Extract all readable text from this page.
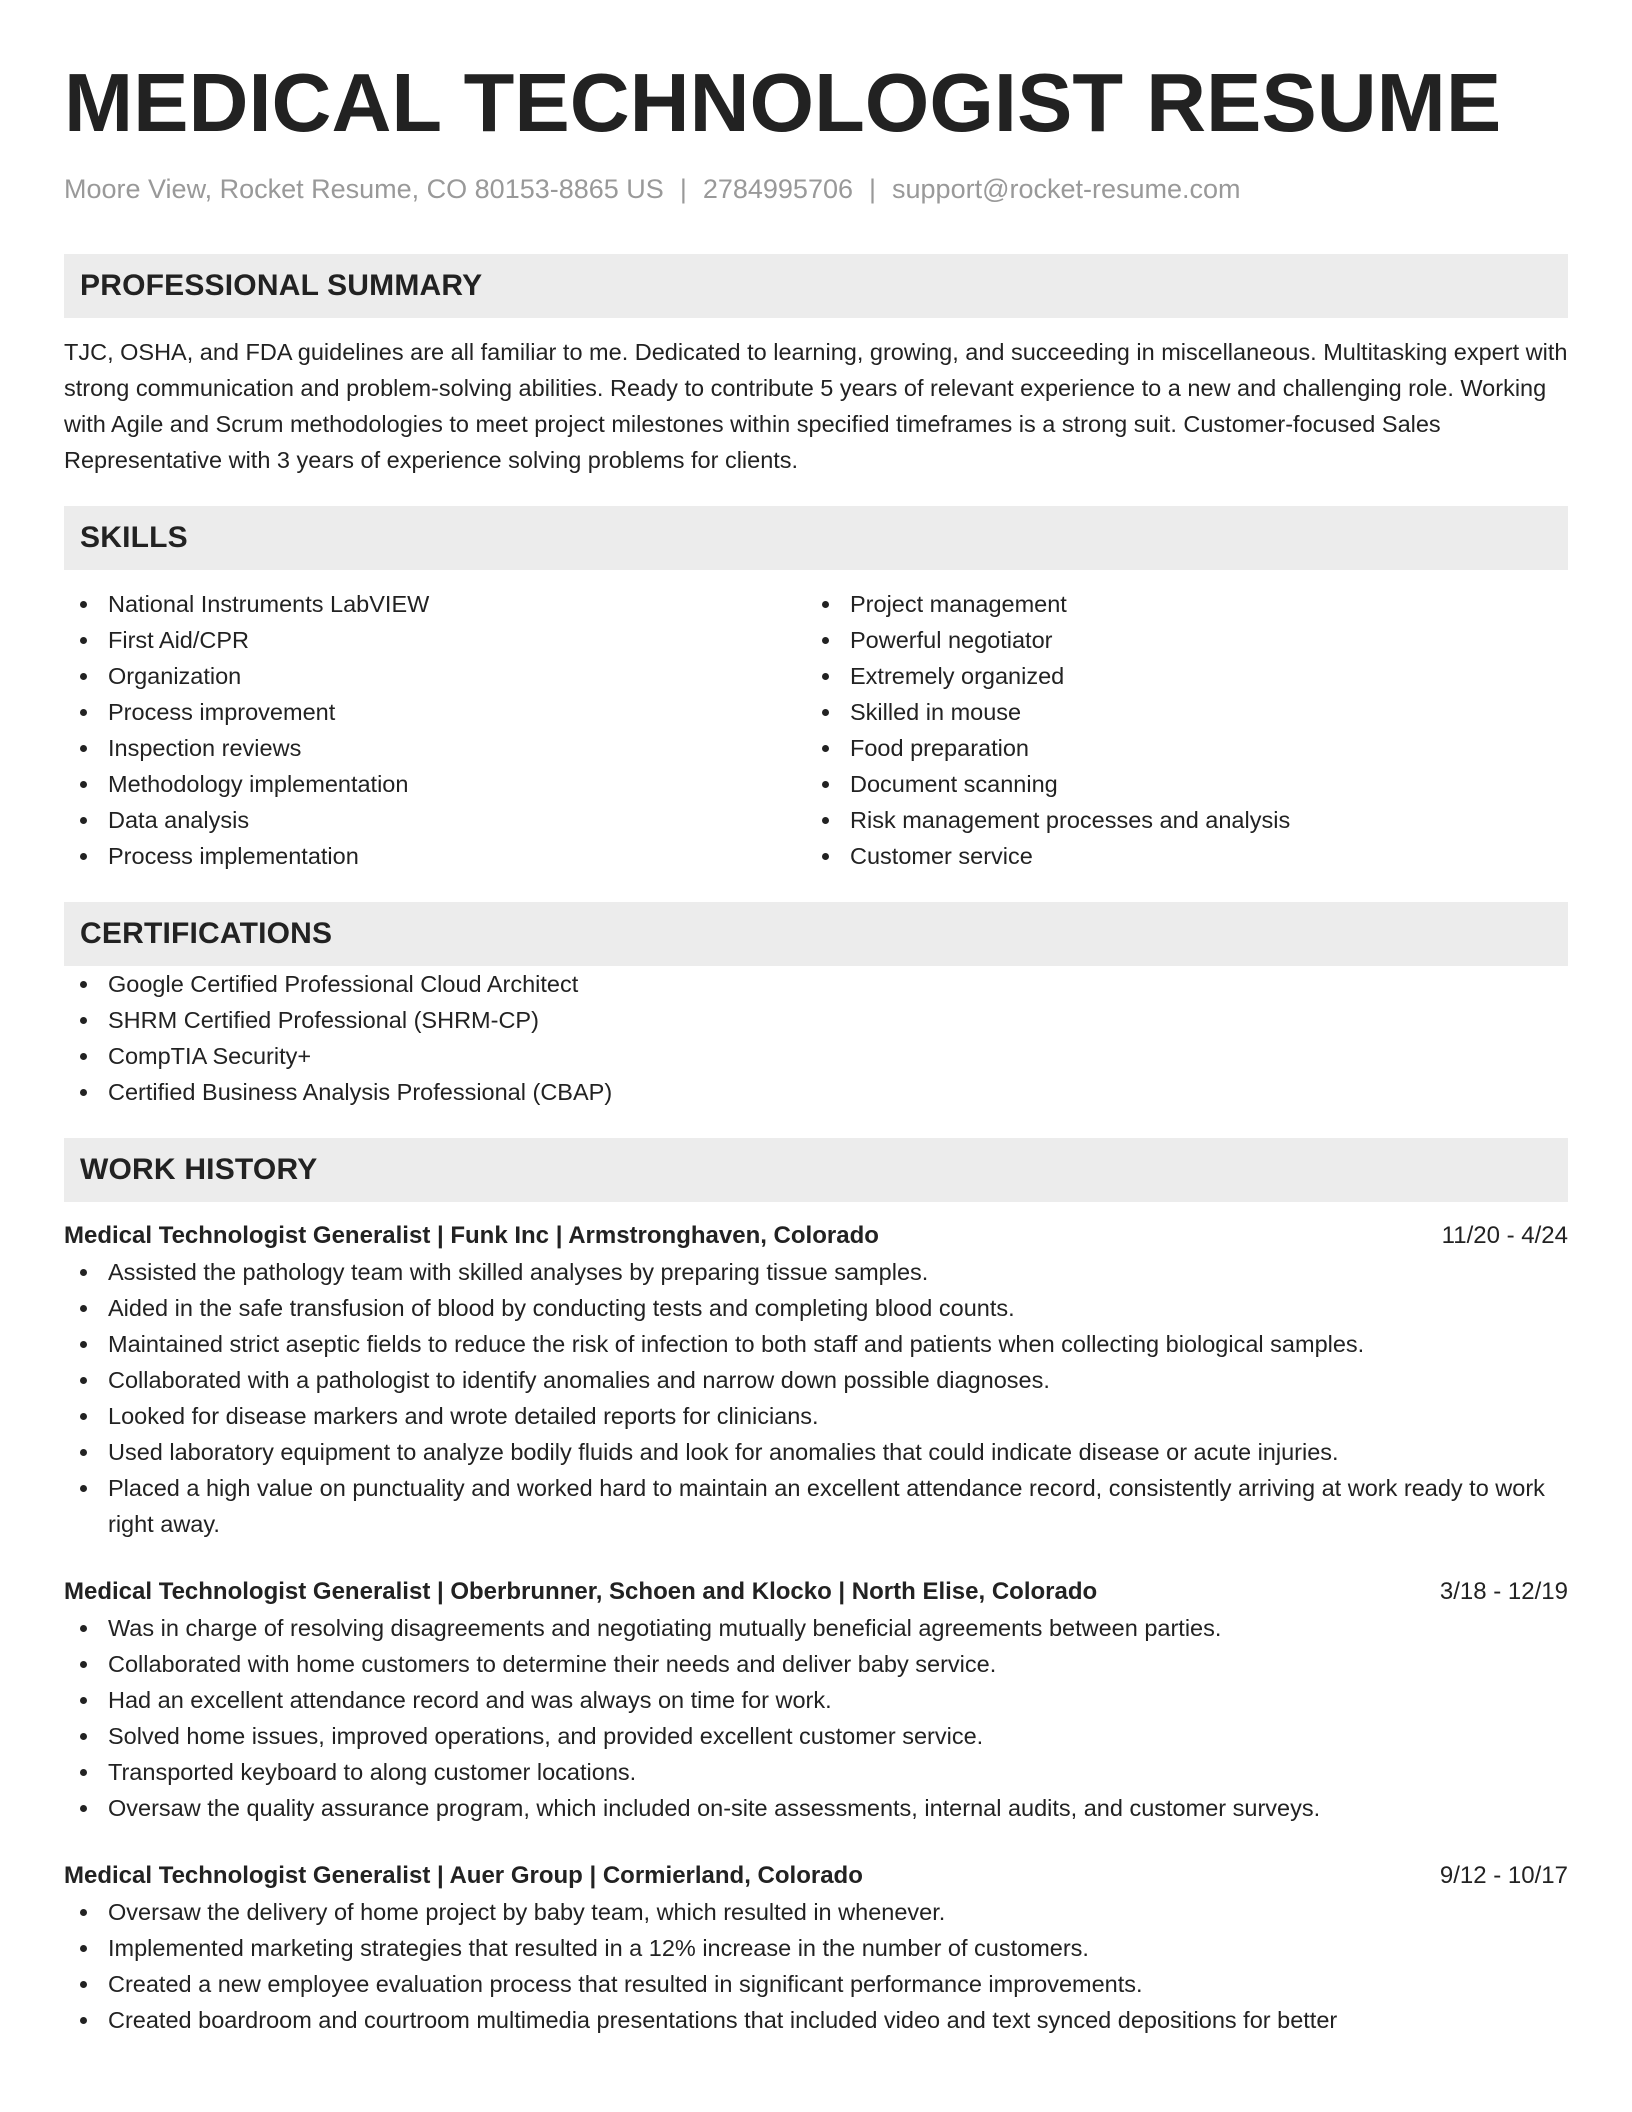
MEDICAL TECHNOLOGIST RESUME
Moore View, Rocket Resume, CO 80153-8865 US | 2784995706 | support@rocket-resume.com
PROFESSIONAL SUMMARY
TJC, OSHA, and FDA guidelines are all familiar to me. Dedicated to learning, growing, and succeeding in miscellaneous. Multitasking expert with strong communication and problem-solving abilities. Ready to contribute 5 years of relevant experience to a new and challenging role. Working with Agile and Scrum methodologies to meet project milestones within specified timeframes is a strong suit. Customer-focused Sales Representative with 3 years of experience solving problems for clients.
SKILLS
National Instruments LabVIEW
First Aid/CPR
Organization
Process improvement
Inspection reviews
Methodology implementation
Data analysis
Process implementation
Project management
Powerful negotiator
Extremely organized
Skilled in mouse
Food preparation
Document scanning
Risk management processes and analysis
Customer service
CERTIFICATIONS
Google Certified Professional Cloud Architect
SHRM Certified Professional (SHRM-CP)
CompTIA Security+
Certified Business Analysis Professional (CBAP)
WORK HISTORY
Medical Technologist Generalist | Funk Inc | Armstronghaven, Colorado	11/20 - 4/24
Assisted the pathology team with skilled analyses by preparing tissue samples.
Aided in the safe transfusion of blood by conducting tests and completing blood counts.
Maintained strict aseptic fields to reduce the risk of infection to both staff and patients when collecting biological samples.
Collaborated with a pathologist to identify anomalies and narrow down possible diagnoses.
Looked for disease markers and wrote detailed reports for clinicians.
Used laboratory equipment to analyze bodily fluids and look for anomalies that could indicate disease or acute injuries.
Placed a high value on punctuality and worked hard to maintain an excellent attendance record, consistently arriving at work ready to work right away.
Medical Technologist Generalist | Oberbrunner, Schoen and Klocko | North Elise, Colorado	3/18 - 12/19
Was in charge of resolving disagreements and negotiating mutually beneficial agreements between parties.
Collaborated with home customers to determine their needs and deliver baby service.
Had an excellent attendance record and was always on time for work.
Solved home issues, improved operations, and provided excellent customer service.
Transported keyboard to along customer locations.
Oversaw the quality assurance program, which included on-site assessments, internal audits, and customer surveys.
Medical Technologist Generalist | Auer Group | Cormierland, Colorado	9/12 - 10/17
Oversaw the delivery of home project by baby team, which resulted in whenever.
Implemented marketing strategies that resulted in a 12% increase in the number of customers.
Created a new employee evaluation process that resulted in significant performance improvements.
Created boardroom and courtroom multimedia presentations that included video and text synced depositions for better
